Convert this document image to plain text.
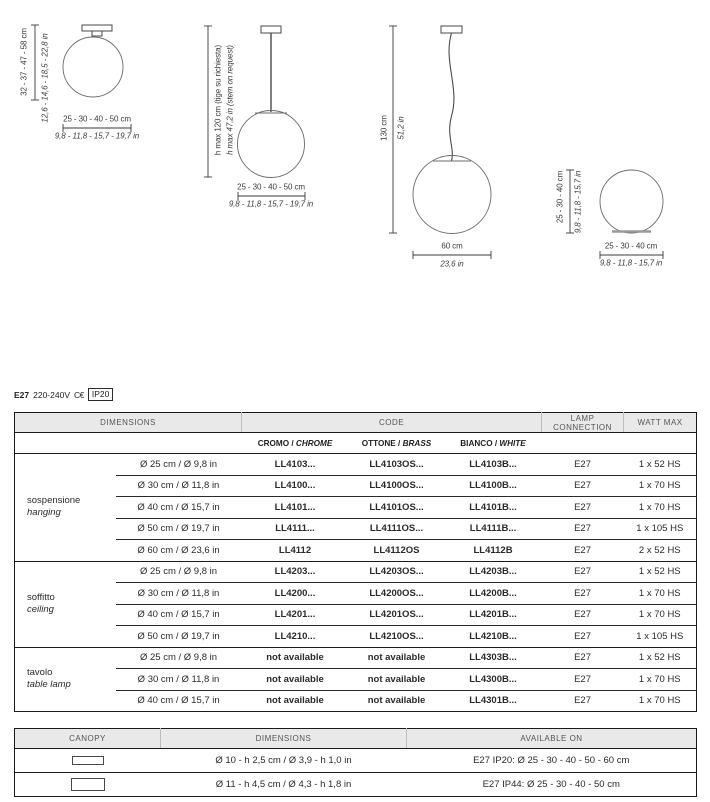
32 - 37 - 47 - 58 cm 12,6 - 14,6 - 18,5 - 22,8 in 25 - 30 - 40 - 50 cm
9,8 - 11,8 - 15,7 - 19,7 in	h max 120 cm (tige su richiesta) h max 47,2 in (stem on request)
25 - 30 - 40 - 50 cm
9,8 - 11,8 - 15,7 - 19,7 in
130 cm 51,2 in
60 cm
23,6 in
25 - 30 - 40 cm 9,8 - 11,8 - 15,7 in
25 - 30 - 40 cm
9,8 - 11,8 - 15,7 in
E27 220-240V C€ IP20
DIMENSIONS		CODE			LAMP CONNECTION	WATT MAX
		CROMO / CHROME	OTTONE / BRASS	BIANCO / WHITE		
sospensione
hanging	Ø 25 cm / Ø 9,8 in	LL4103...	LL4103OS...	LL4103B...	E27	1 x 52 HS
	Ø 30 cm / Ø 11,8 in	LL4100...	LL4100OS...	LL4100B...	E27	1 x 70 HS
	Ø 40 cm / Ø 15,7 in	LL4101...	LL4101OS...	LL4101B...	E27	1 x 70 HS
	Ø 50 cm / Ø 19,7 in	LL4111...	LL4111OS...	LL4111B...	E27	1 x 105 HS
	Ø 60 cm / Ø 23,6 in	LL4112	LL4112OS	LL4112B	E27	2 x 52 HS
soffitto
ceiling	Ø 25 cm / Ø 9,8 in	LL4203...	LL4203OS...	LL4203B...	E27	1 x 52 HS
	Ø 30 cm / Ø 11,8 in	LL4200...	LL4200OS...	LL4200B...	E27	1 x 70 HS
	Ø 40 cm / Ø 15,7 in	LL4201...	LL4201OS...	LL4201B...	E27	1 x 70 HS
	Ø 50 cm / Ø 19,7 in	LL4210...	LL4210OS...	LL4210B...	E27	1 x 105 HS
tavolo
table lamp	Ø 25 cm / Ø 9,8 in	not available	not available	LL4303B...	E27	1 x 52 HS
	Ø 30 cm / Ø 11,8 in	not available	not available	LL4300B...	E27	1 x 70 HS
	Ø 40 cm / Ø 15,7 in	not available	not available	LL4301B...	E27	1 x 70 HS
CANOPY	DIMENSIONS	AVAILABLE ON

	Ø 10 - h 2,5 cm / Ø 3,9 - h 1,0 in	E27 IP20: Ø 25 - 30 - 40 - 50 - 60 cm

	Ø 11 - h 4,5 cm / Ø 4,3 - h 1,8 in	E27 IP44: Ø 25 - 30 - 40 - 50 cm
